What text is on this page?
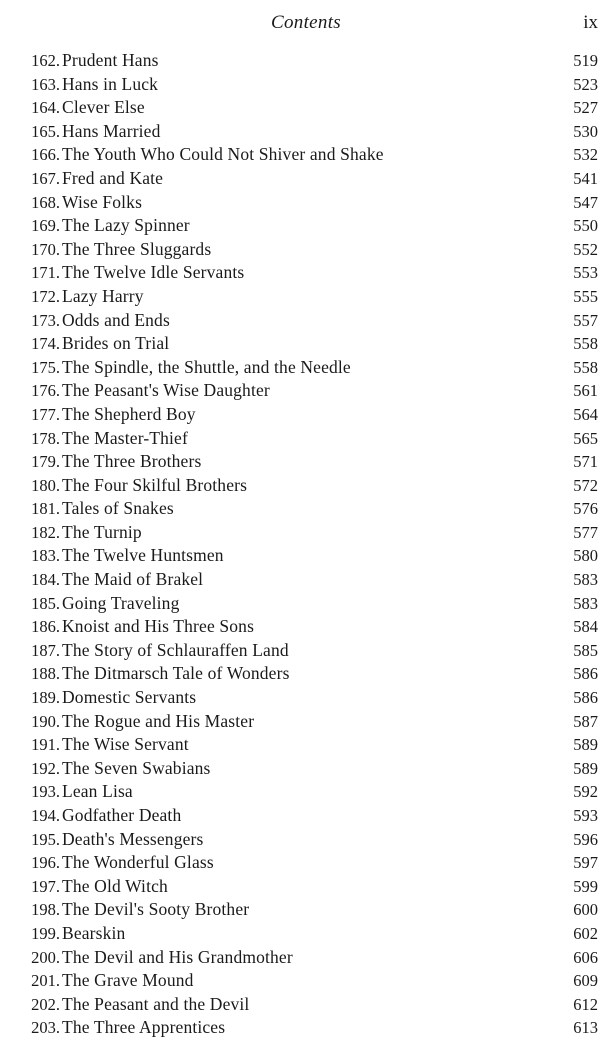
Contents	ix
162. Prudent Hans	519
163. Hans in Luck	523
164. Clever Else	527
165. Hans Married	530
166. The Youth Who Could Not Shiver and Shake	532
167. Fred and Kate	541
168. Wise Folks	547
169. The Lazy Spinner	550
170. The Three Sluggards	552
171. The Twelve Idle Servants	553
172. Lazy Harry	555
173. Odds and Ends	557
174. Brides on Trial	558
175. The Spindle, the Shuttle, and the Needle	558
176. The Peasant's Wise Daughter	561
177. The Shepherd Boy	564
178. The Master-Thief	565
179. The Three Brothers	571
180. The Four Skilful Brothers	572
181. Tales of Snakes	576
182. The Turnip	577
183. The Twelve Huntsmen	580
184. The Maid of Brakel	583
185. Going Traveling	583
186. Knoist and His Three Sons	584
187. The Story of Schlauraffen Land	585
188. The Ditmarsch Tale of Wonders	586
189. Domestic Servants	586
190. The Rogue and His Master	587
191. The Wise Servant	589
192. The Seven Swabians	589
193. Lean Lisa	592
194. Godfather Death	593
195. Death's Messengers	596
196. The Wonderful Glass	597
197. The Old Witch	599
198. The Devil's Sooty Brother	600
199. Bearskin	602
200. The Devil and His Grandmother	606
201. The Grave Mound	609
202. The Peasant and the Devil	612
203. The Three Apprentices	613
